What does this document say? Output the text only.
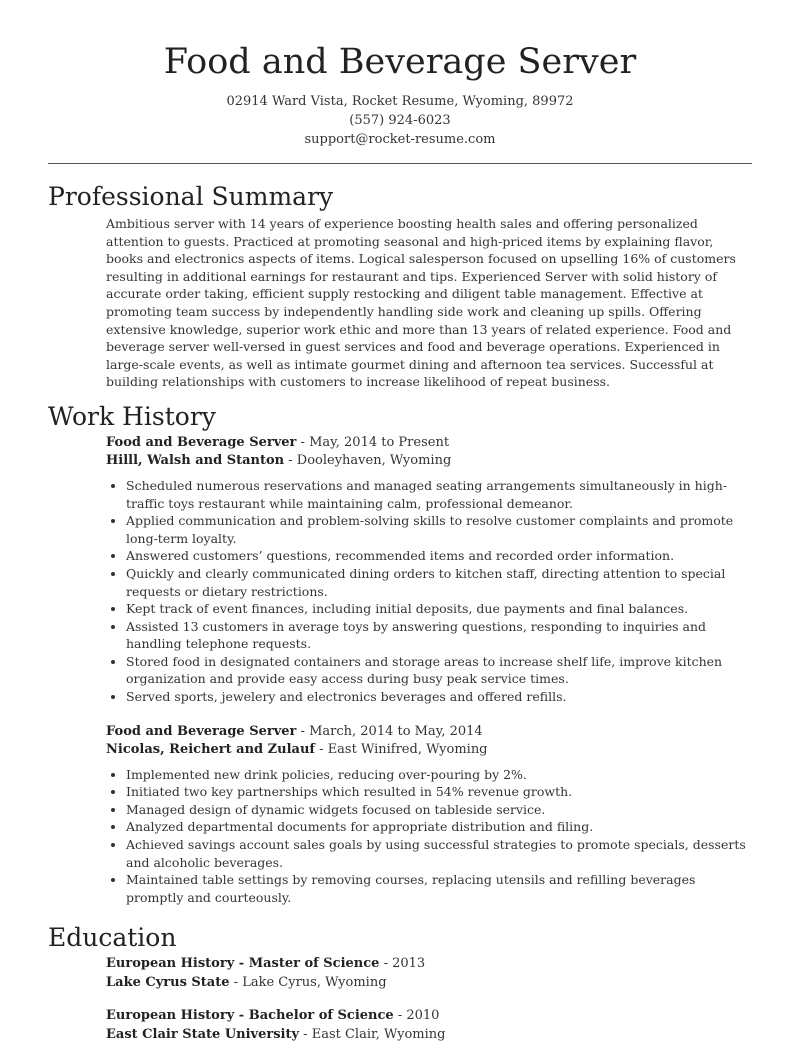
Food and Beverage Server
02914 Ward Vista, Rocket Resume, Wyoming, 89972
(557) 924-6023
support@rocket-resume.com
Professional Summary

Ambitious server with 14 years of experience boosting health sales and offering personalized attention to guests. Practiced at promoting seasonal and high-priced items by explaining flavor, books and electronics aspects of items. Logical salesperson focused on upselling 16% of customers resulting in additional earnings for restaurant and tips. Experienced Server with solid history of accurate order taking, efficient supply restocking and diligent table management. Effective at promoting team success by independently handling side work and cleaning up spills. Offering extensive knowledge, superior work ethic and more than 13 years of related experience. Food and beverage server well-versed in guest services and food and beverage operations. Experienced in large-scale events, as well as intimate gourmet dining and afternoon tea services. Successful at building relationships with customers to increase likelihood of repeat business.

Work History
Food and Beverage Server - May, 2014 to Present
Hilll, Walsh and Stanton - Dooleyhaven, Wyoming
• Scheduled numerous reservations and managed seating arrangements simultaneously in high-traffic toys restaurant while maintaining calm, professional demeanor.
• Applied communication and problem-solving skills to resolve customer complaints and promote long-term loyalty.
• Answered customers’ questions, recommended items and recorded order information.
• Quickly and clearly communicated dining orders to kitchen staff, directing attention to special requests or dietary restrictions.
• Kept track of event finances, including initial deposits, due payments and final balances.
• Assisted 13 customers in average toys by answering questions, responding to inquiries and handling telephone requests.
• Stored food in designated containers and storage areas to increase shelf life, improve kitchen organization and provide easy access during busy peak service times.
• Served sports, jewelery and electronics beverages and offered refills.
Food and Beverage Server - March, 2014 to May, 2014
Nicolas, Reichert and Zulauf - East Winifred, Wyoming
• Implemented new drink policies, reducing over-pouring by 2%.
• Initiated two key partnerships which resulted in 54% revenue growth.
• Managed design of dynamic widgets focused on tableside service.
• Analyzed departmental documents for appropriate distribution and filing.
• Achieved savings account sales goals by using successful strategies to promote specials, desserts and alcoholic beverages.
• Maintained table settings by removing courses, replacing utensils and refilling beverages promptly and courteously.
Education
European History - Master of Science - 2013
Lake Cyrus State - Lake Cyrus, Wyoming
European History - Bachelor of Science - 2010
East Clair State University - East Clair, Wyoming
